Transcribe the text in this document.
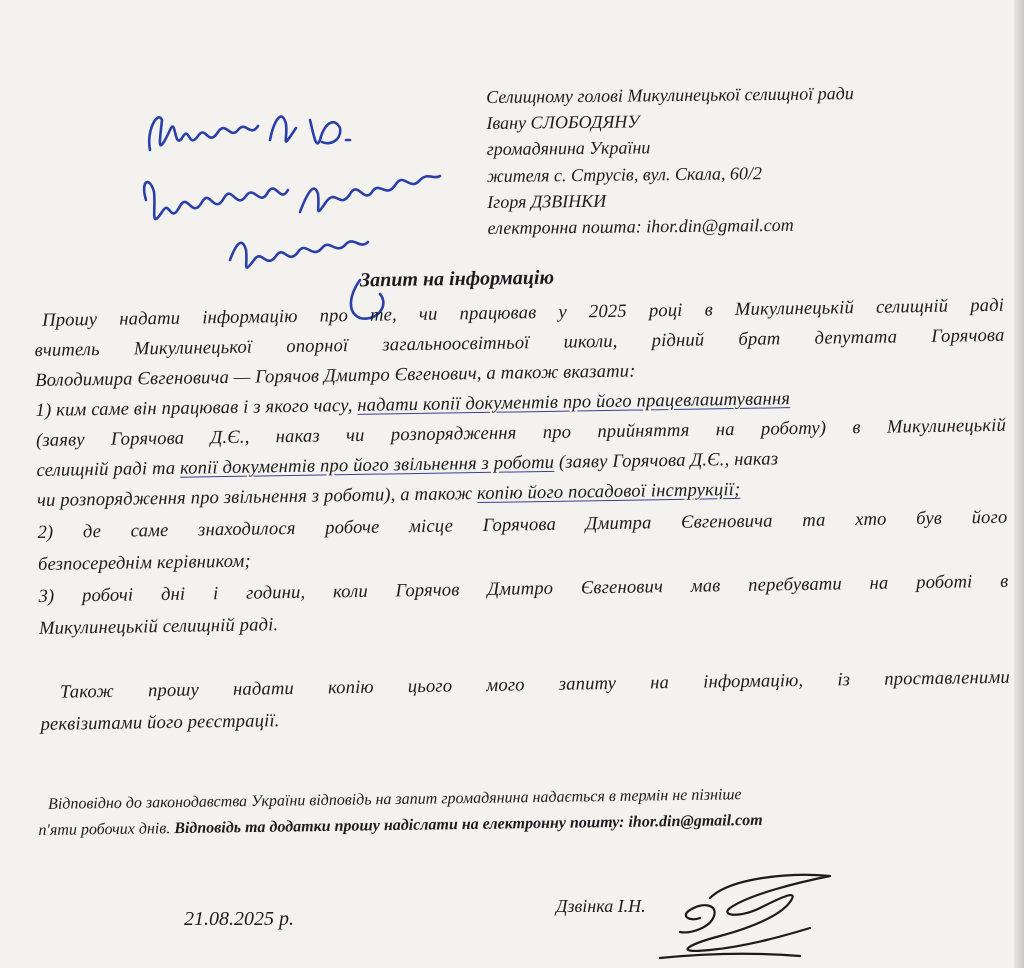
Селищному голові Микулинецької селищної ради
Івану СЛОБОДЯНУ
громадянина України
жителя с. Струсів, вул. Скала, 60/2
Ігоря ДЗВІНКИ
електронна пошта: ihor.din@gmail.com
Запит на інформацію
Прошу надати інформацію про те, чи працював у 2025 році в Микулинецькій селищній раді
вчитель Микулинецької опорної загальноосвітньої школи, рідний брат депутата Горячова
Володимира Євгеновича — Горячов Дмитро Євгенович, а також вказати:
1) ким саме він працював і з якого часу, надати копії документів про його працевлаштування
(заяву Горячова Д.Є., наказ чи розпорядження про прийняття на роботу) в Микулинецькій
селищній раді та копії документів про його звільнення з роботи (заяву Горячова Д.Є., наказ
чи розпорядження про звільнення з роботи), а також копію його посадової інструкції;
2) де саме знаходилося робоче місце Горячова Дмитра Євгеновича та хто був його
безпосереднім керівником;
3) робочі дні і години, коли Горячов Дмитро Євгенович мав перебувати на роботі в
Микулинецькій селищній раді.
Також прошу надати копію цього мого запиту на інформацію, із проставленими
реквізитами його реєстрації.
Відповідно до законодавства України відповідь на запит громадянина надається в термін не пізніше
п'яти робочих днів. Відповідь та додатки прошу надіслати на електронну пошту: ihor.din@gmail.com
21.08.2025 р.
Дзвінка І.Н.
